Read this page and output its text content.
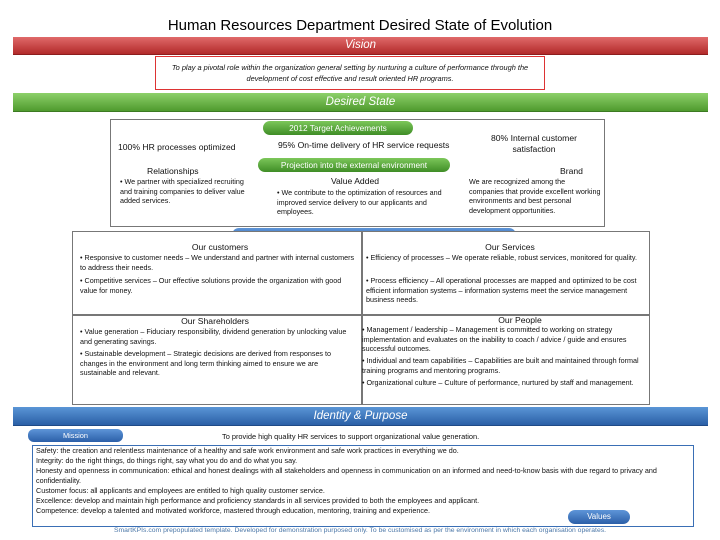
Human Resources Department Desired State of Evolution
Vision
To play a pivotal role within the organization general setting by nurturing a culture of performance through the development of cost effective and result oriented HR programs.
Desired State
2012 Target Achievements
100% HR processes optimized	95% On-time delivery of HR service requests
80% Internal customer satisfaction
Projection into the external environment
Relationships
• We partner with specialized recruiting and training companies to deliver value added services.
Value Added
• We contribute to the optimization of resources and improved service delivery to our applicants and employees.
Brand
We are recognized among the companies that provide excellent working environments and best personal development opportunities.
Our customers
• Responsive to customer needs – We understand and partner with internal customers to address their needs.
• Competitive services – Our effective solutions provide the organization with good value for money.
Our Services
• Efficiency of processes – We operate reliable, robust services, monitored for quality.
• Process efficiency – All operational processes are mapped and optimized to be cost efficient information systems – information systems meet the service management business needs.
Our Shareholders
• Value generation – Fiduciary responsibility, dividend generation by unlocking value and generating savings.
• Sustainable development – Strategic decisions are derived from responses to changes in the environment and long term thinking aimed to ensure we are sustainable and relevant.
Our People
• Management / leadership – Management is committed to working on strategy implementation and evaluates on the inability to coach / advice / guide and ensures successful outcomes.
• Individual and team capabilities – Capabilities are built and maintained through formal training programs and mentoring programs.
• Organizational culture – Culture of performance, nurtured by staff and management.
Identity & Purpose
Mission	To provide high quality HR services to support organizational value generation.
Safety: the creation and relentless maintenance of a healthy and safe work environment and safe work practices in everything we do.
Integrity: do the right things, do things right, say what you do and do what you say.
Honesty and openness in communication: ethical and honest dealings with all stakeholders and openness in communication on an informed and need-to-know basis with due regard to privacy and confidentiality.
Customer focus: all applicants and employees are entitled to high quality customer service.
Excellence: develop and maintain high performance and proficiency standards in all services provided to both the employees and applicant.
Competence: develop a talented and motivated workforce, mastered through education, mentoring, training and experience.
Values
SmartKPIs.com prepopulated template. Developed for demonstration purposed only. To be customised as per the environment in which each organisation operates.
